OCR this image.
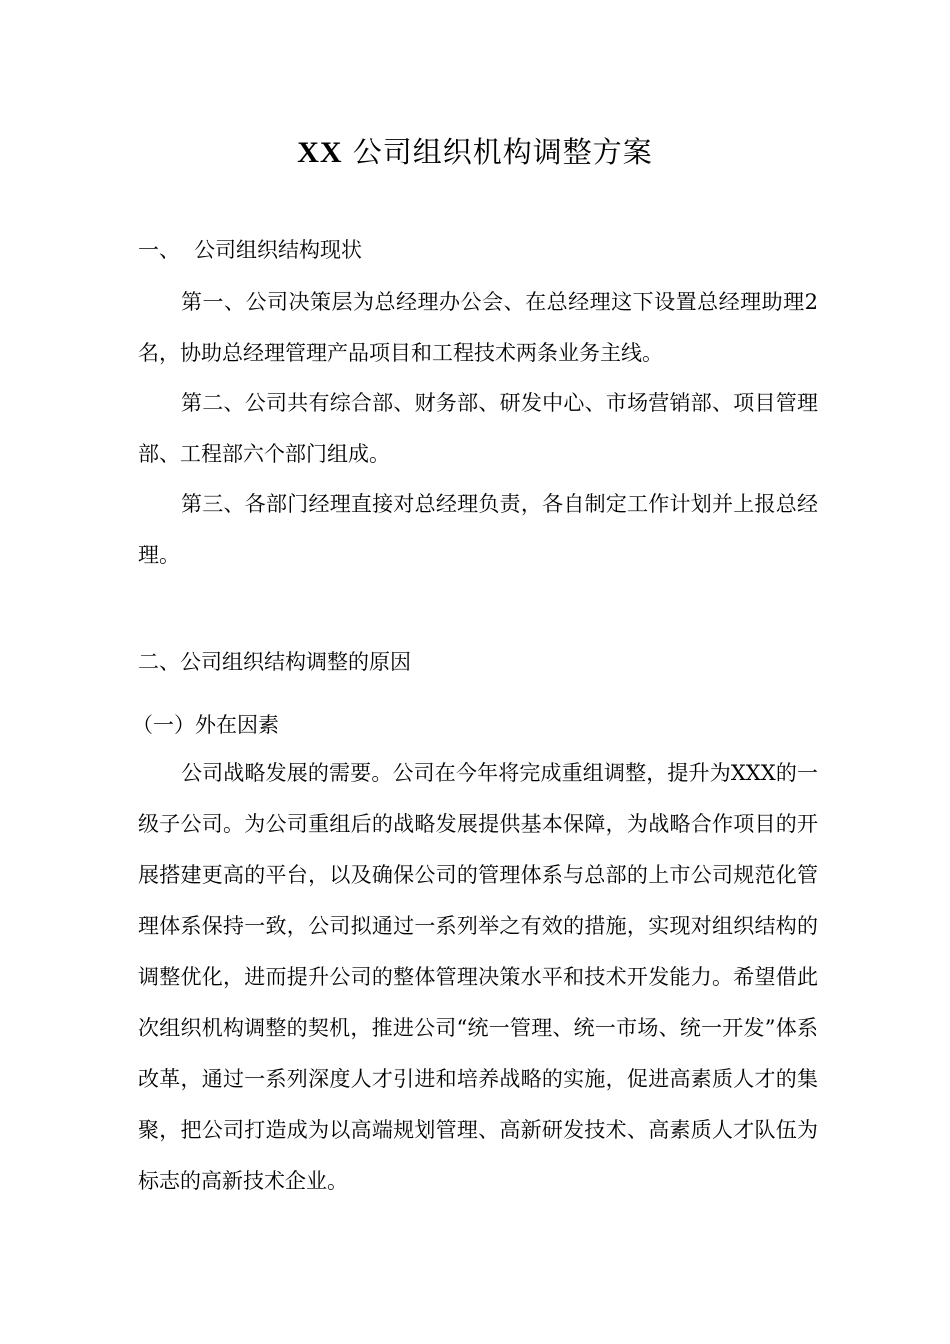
XX 公司组织机构调整方案
一、 公司组织结构现状

第一、公司决策层为总经理办公会、在总经理这下设置总经理助理2名，协助总经理管理产品项目和工程技术两条业务主线。

第二、公司共有综合部、财务部、研发中心、市场营销部、项目管理部、工程部六个部门组成。

第三、各部门经理直接对总经理负责，各自制定工作计划并上报总经理。

二、公司组织结构调整的原因
（一）外在因素

公司战略发展的需要。公司在今年将完成重组调整，提升为XXX的一级子公司。为公司重组后的战略发展提供基本保障，为战略合作项目的开展搭建更高的平台，以及确保公司的管理体系与总部的上市公司规范化管理体系保持一致，公司拟通过一系列举之有效的措施，实现对组织结构的调整优化，进而提升公司的整体管理决策水平和技术开发能力。希望借此次组织机构调整的契机，推进公司“统一管理、统一市场、统一开发”体系改革，通过一系列深度人才引进和培养战略的实施，促进高素质人才的集聚，把公司打造成为以高端规划管理、高新研发技术、高素质人才队伍为标志的高新技术企业。
